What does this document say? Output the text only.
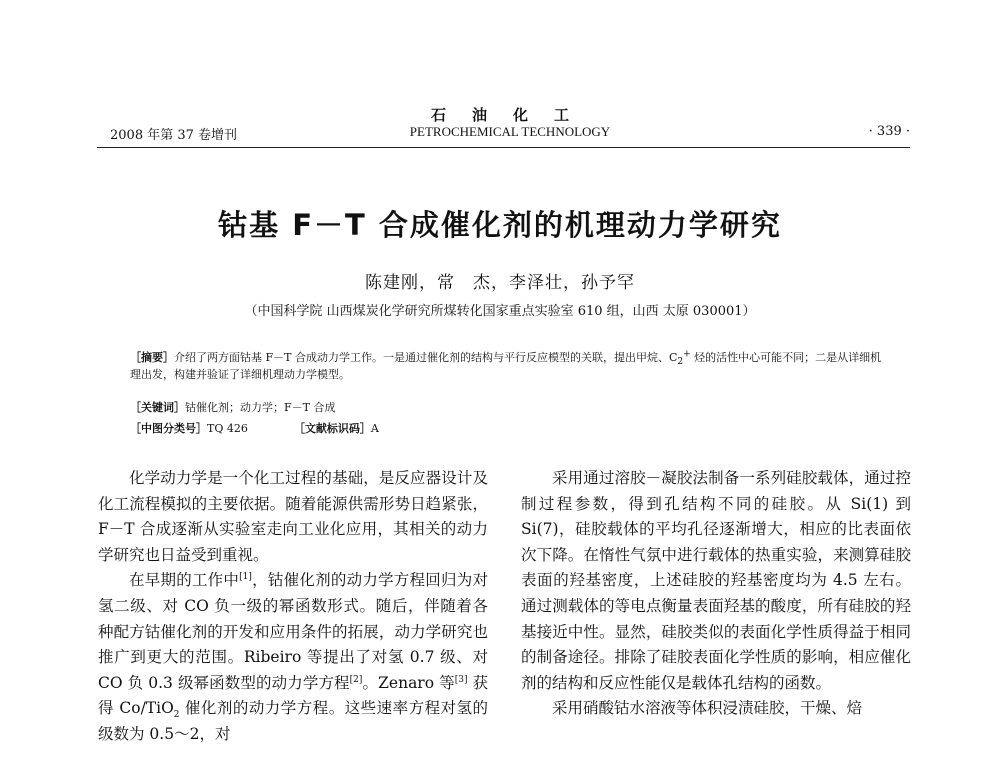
石油化工
PETROCHEMICAL TECHNOLOGY
2008 年第 37 卷增刊	· 339 ·
钴基 F－T 合成催化剂的机理动力学研究
陈建刚，常　杰，李泽壮，孙予罕
（中国科学院 山西煤炭化学研究所煤转化国家重点实验室 610 组，山西 太原 030001）

［摘要］介绍了两方面钴基 F－T 合成动力学工作。一是通过催化剂的结构与平行反应模型的关联，提出甲烷、$C_2^+$ 烃的活性中心可能不同；二是从详细机理出发，构建并验证了详细机理动力学模型。

［关键词］钴催化剂；动力学；F－T 合成
［中图分类号］TQ 426	［文献标识码］A

化学动力学是一个化工过程的基础，是反应器设计及化工流程模拟的主要依据。随着能源供需形势日趋紧张，F－T 合成逐渐从实验室走向工业化应用，其相关的动力学研究也日益受到重视。

在早期的工作中[1]，钴催化剂的动力学方程回归为对氢二级、对 CO 负一级的幂函数形式。随后，伴随着各种配方钴催化剂的开发和应用条件的拓展，动力学研究也推广到更大的范围。Ribeiro 等提出了对氢 0.7 级、对 CO 负 0.3 级幂函数型的动力学方程[2]。Zenaro 等[3] 获得 Co/TiO$_2$ 催化剂的动力学方程。这些速率方程对氢的级数为 0.5～2，对

采用通过溶胶－凝胶法制备一系列硅胶载体，通过控制过程参数，得到孔结构不同的硅胶。从 Si(1) 到 Si(7)，硅胶载体的平均孔径逐渐增大，相应的比表面依次下降。在惰性气氛中进行载体的热重实验，来测算硅胶表面的羟基密度，上述硅胶的羟基密度均为 4.5 左右。通过测载体的等电点衡量表面羟基的酸度，所有硅胶的羟基接近中性。显然，硅胶类似的表面化学性质得益于相同的制备途径。排除了硅胶表面化学性质的影响，相应催化剂的结构和反应性能仅是载体孔结构的函数。

采用硝酸钴水溶液等体积浸渍硅胶，干燥、焙
